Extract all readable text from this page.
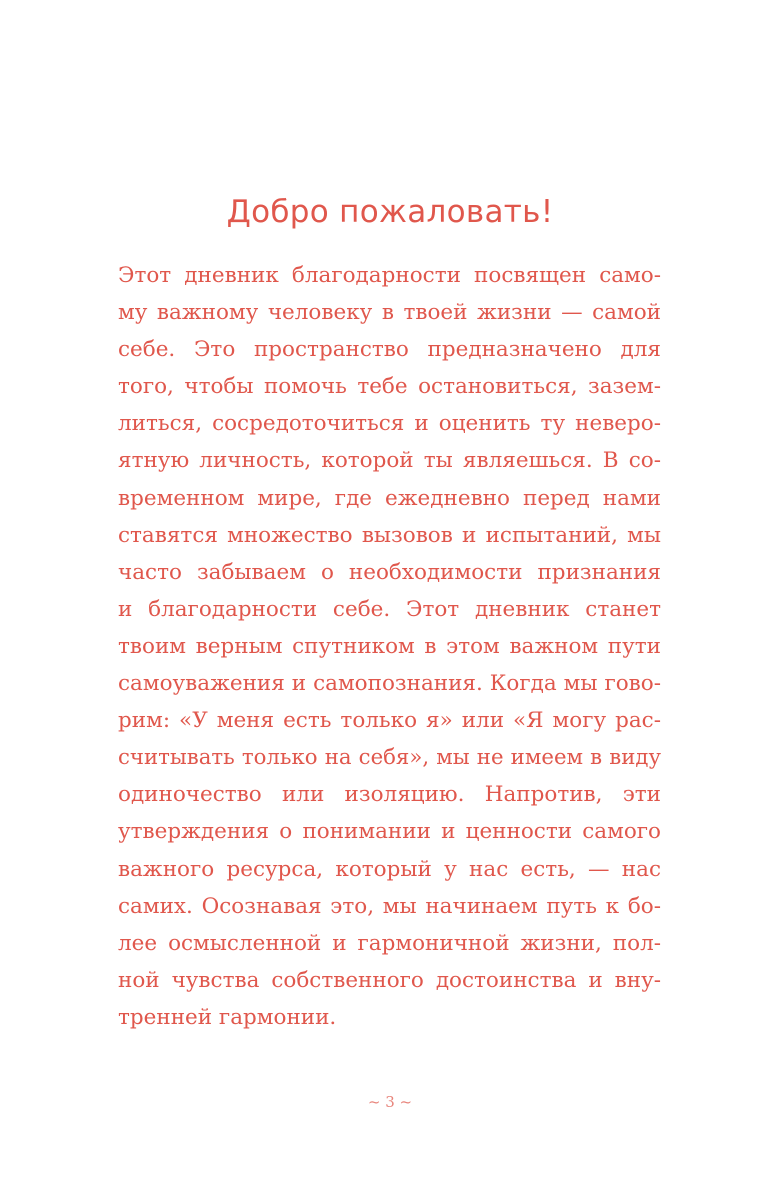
Добро пожаловать!
Этот дневник благодарности посвящен само-
му важному человеку в твоей жизни — самой
себе. Это пространство предназначено для
того, чтобы помочь тебе остановиться, зазем-
литься, сосредоточиться и оценить ту неверо-
ятную личность, которой ты являешься. В со-
временном мире, где ежедневно перед нами
ставятся множество вызовов и испытаний, мы
часто забываем о необходимости признания
и благодарности себе. Этот дневник станет
твоим верным спутником в этом важном пути
самоуважения и самопознания. Когда мы гово-
рим: «У меня есть только я» или «Я могу рас-
считывать только на себя», мы не имеем в виду
одиночество или изоляцию. Напротив, эти
утверждения о понимании и ценности самого
важного ресурса, который у нас есть, — нас
самих. Осознавая это, мы начинаем путь к бо-
лее осмысленной и гармоничной жизни, пол-
ной чувства собственного достоинства и вну-
тренней гармонии.
~ 3 ~
